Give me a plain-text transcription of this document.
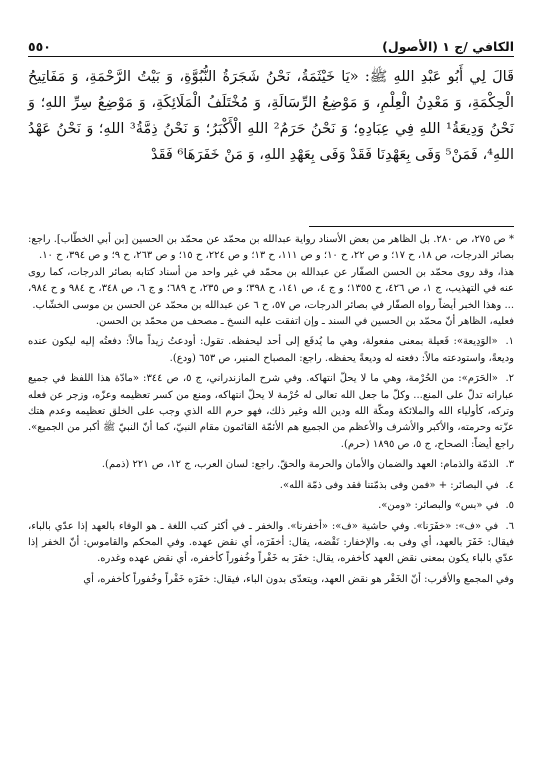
٥٥٠	الكافي /ج ١ (الأصول)

قَالَ لِي أَبُو عَبْدِ اللهِ ﷺ: «يَا خَيْثَمَةُ، نَحْنُ شَجَرَةُ النُّبُوَّةِ، وَ بَيْتُ الرَّحْمَةِ، وَ مَفَاتِيحُ الْحِكْمَةِ، وَ مَعْدِنُ الْعِلْمِ، وَ مَوْضِعُ الرِّسَالَةِ، وَ مُخْتَلَفُ الْمَلَائِكَةِ، وَ مَوْضِعُ سِرِّ اللهِ؛ وَ نَحْنُ وَدِيعَةُ¹ اللهِ فِي عِبَادِهِ؛ وَ نَحْنُ حَرَمُ² اللهِ الْأَكْبَرُ؛ وَ نَحْنُ ذِمَّةُ³ اللهِ؛ وَ نَحْنُ عَهْدُ اللهِ⁴، فَمَنْ⁵ وَفَى بِعَهْدِنَا فَقَدْ وَفَى بِعَهْدِ اللهِ، وَ مَنْ خَفَرَهَا⁶ فَقَدْ

* ص ٢٧٥، ص ٢٨٠. بل الظاهر من بعض الأسناد رواية عبدالله بن محمّد عن محمّد بن الحسين [بن أبي الخطّاب]. راجع: بصائر الدرجات، ص ١٨، ح ١٧؛ و ص ٢٢، ح ١٠؛ و ص ١١١، ح ١٣؛ و ص ٢٢٤، ح ١٥؛ و ص ٢٦٣، ح ٩؛ و ص ٣٩٤، ح ١٠.

هذا، وقد روى محمّد بن الحسن الصفّار عن عبدالله بن محمّد في غير واحد من أسناد كتابه بصائر الدرجات، كما روى عنه في التهذيب، ج ١، ص ٤٢٦، ح ١٣٥٥؛ و ج ٤، ص ١٤١، ح ٣٩٨؛ و ص ٢٣٥، ح ٦٨٩؛ و ج ٦، ص ٣٤٨، ح ٩٨٤ و ح ٩٨٤، ... وهذا الخبر أيضاً رواه الصفّار في بصائر الدرجات، ص ٥٧، ح ٦ عن عبدالله بن محمّد عن الحسن بن موسى الخشّاب.

فعليه، الظاهر أنّ محمّد بن الحسين في السند ـ وإن اتفقت عليه النسخ ـ مصحف من محمّد بن الحسن.

١. «الوَدِيعة»: فَعيلة بمعنى مفعولة، وهي ما يُدفَع إلى أحد ليحفظه. تقول: أودعتُ زيداً مالاً: دفعتُه إليه ليكون عنده وديعةً، واستودعته مالاً: دفعته له وديعةً يحفظه. راجع: المصباح المنير، ص ٦٥٣ (ودع).

٢. «الحَرَم»: من الحُرْمة، وهي ما لا يحلّ انتهاكه. وفي شرح المازندراني، ج ٥، ص ٣٤٤: «مادّة هذا اللفظ في جميع عباراته تدلّ على المنع... وكلّ ما جعل الله تعالى له حُرْمة لا يحلّ انتهاكه، ومنع من كسر تعظيمه وعزّه، وزجر عن فعله وتركه، كأولياء الله والملائكة ومكّة الله ودين الله وغير ذلك، فهو حرم الله الذي وجب على الخلق تعظيمه وعدم هتك عزّته وحرمته، والأكبر والأشرف والأعظم من الجميع هم الأئمّة القائمون مقام النبيّ، كما أنّ النبيّ ﷺ أكبر من الجميع». راجع أيضاً: الصحاح، ج ٥، ص ١٨٩٥ (حرم).

٣. الذمّة والذمام: العهد والضمان والأمان والحرمة والحقّ. راجع: لسان العرب، ج ١٢، ص ٢٢١ (ذمم).

٤. في البصائر: + «فمن وفى بذمّتنا فقد وفى ذمّة الله».

٥. في «بس» والبصائر: «ومن».

٦. في «ف»: «خفَرَنا». وفي حاشية «ف»: «أخفرنا». والخفر ـ في أكثر كتب اللغة ـ هو الوفاء بالعهد إذا عدّي بالباء، فيقال: خَفَرَ بالعهد، أي وفى به. والإخفار: نَقْضه، يقال: أخفَرَه، أي نقض عهده. وفي المحكم والقاموس: أنّ الخفر إذا عدّي بالباء يكون بمعنى نقض العهد كأخفره، يقال: خفَرَ به خَفْراً وخُفوراً كأخفره، أي نقض عهده وغدره.

وفي المجمع والأقرب: أنّ الخَفْر هو نقض العهد، ويتعدّى بدون الباء، فيقال: خفَرَه خَفْراً وخُفوراً كأخفره، أي
